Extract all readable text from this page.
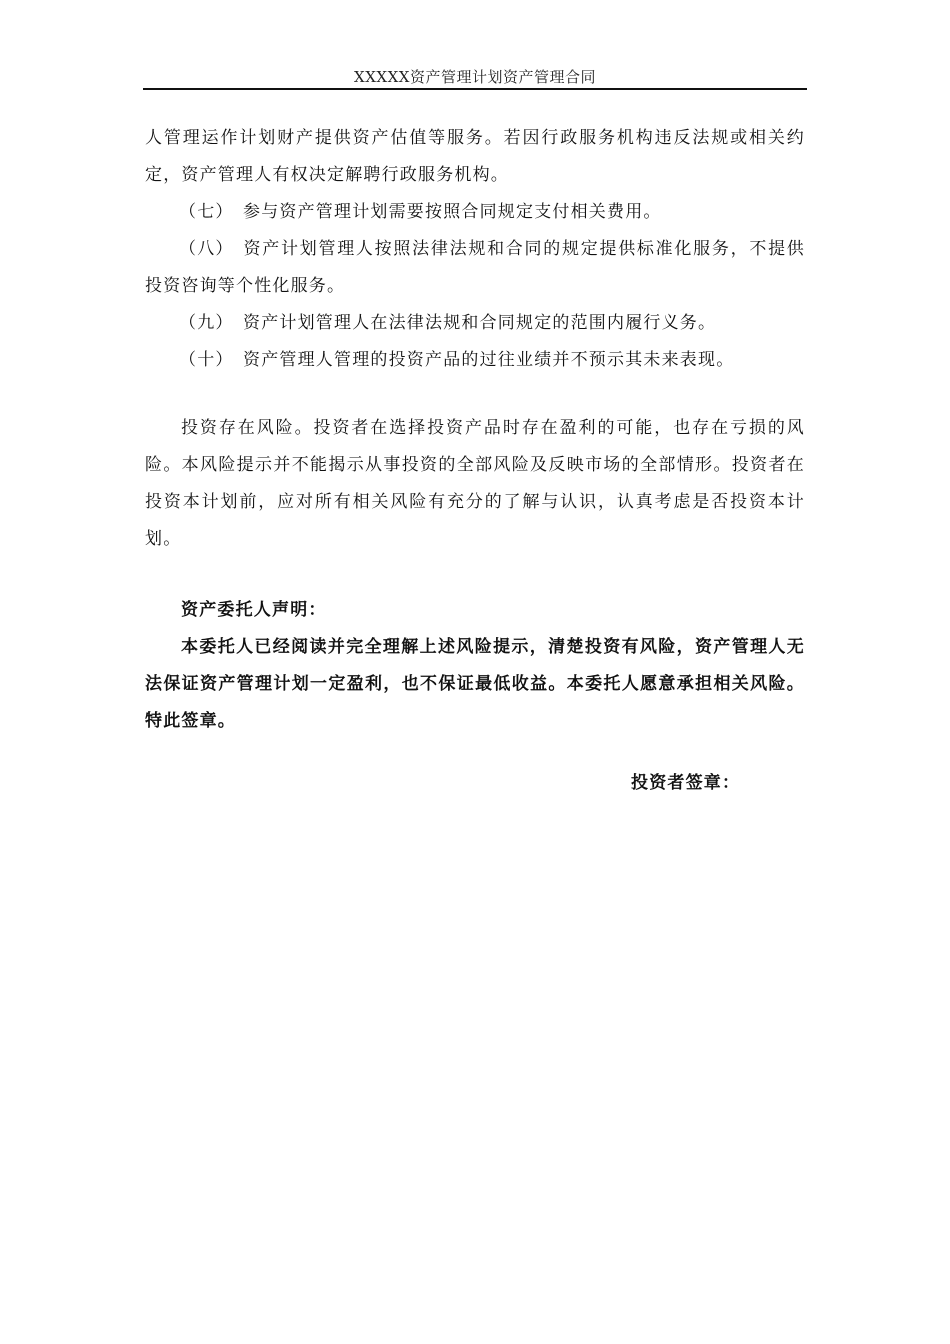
XXXXX资产管理计划资产管理合同

人管理运作计划财产提供资产估值等服务。若因行政服务机构违反法规或相关约定，资产管理人有权决定解聘行政服务机构。

（七） 参与资产管理计划需要按照合同规定支付相关费用。

（八） 资产计划管理人按照法律法规和合同的规定提供标准化服务，不提供投资咨询等个性化服务。

（九） 资产计划管理人在法律法规和合同规定的范围内履行义务。

（十） 资产管理人管理的投资产品的过往业绩并不预示其未来表现。

投资存在风险。投资者在选择投资产品时存在盈利的可能，也存在亏损的风险。本风险提示并不能揭示从事投资的全部风险及反映市场的全部情形。投资者在投资本计划前，应对所有相关风险有充分的了解与认识，认真考虑是否投资本计划。

资产委托人声明：

本委托人已经阅读并完全理解上述风险提示，清楚投资有风险，资产管理人无法保证资产管理计划一定盈利，也不保证最低收益。本委托人愿意承担相关风险。特此签章。

投资者签章：
